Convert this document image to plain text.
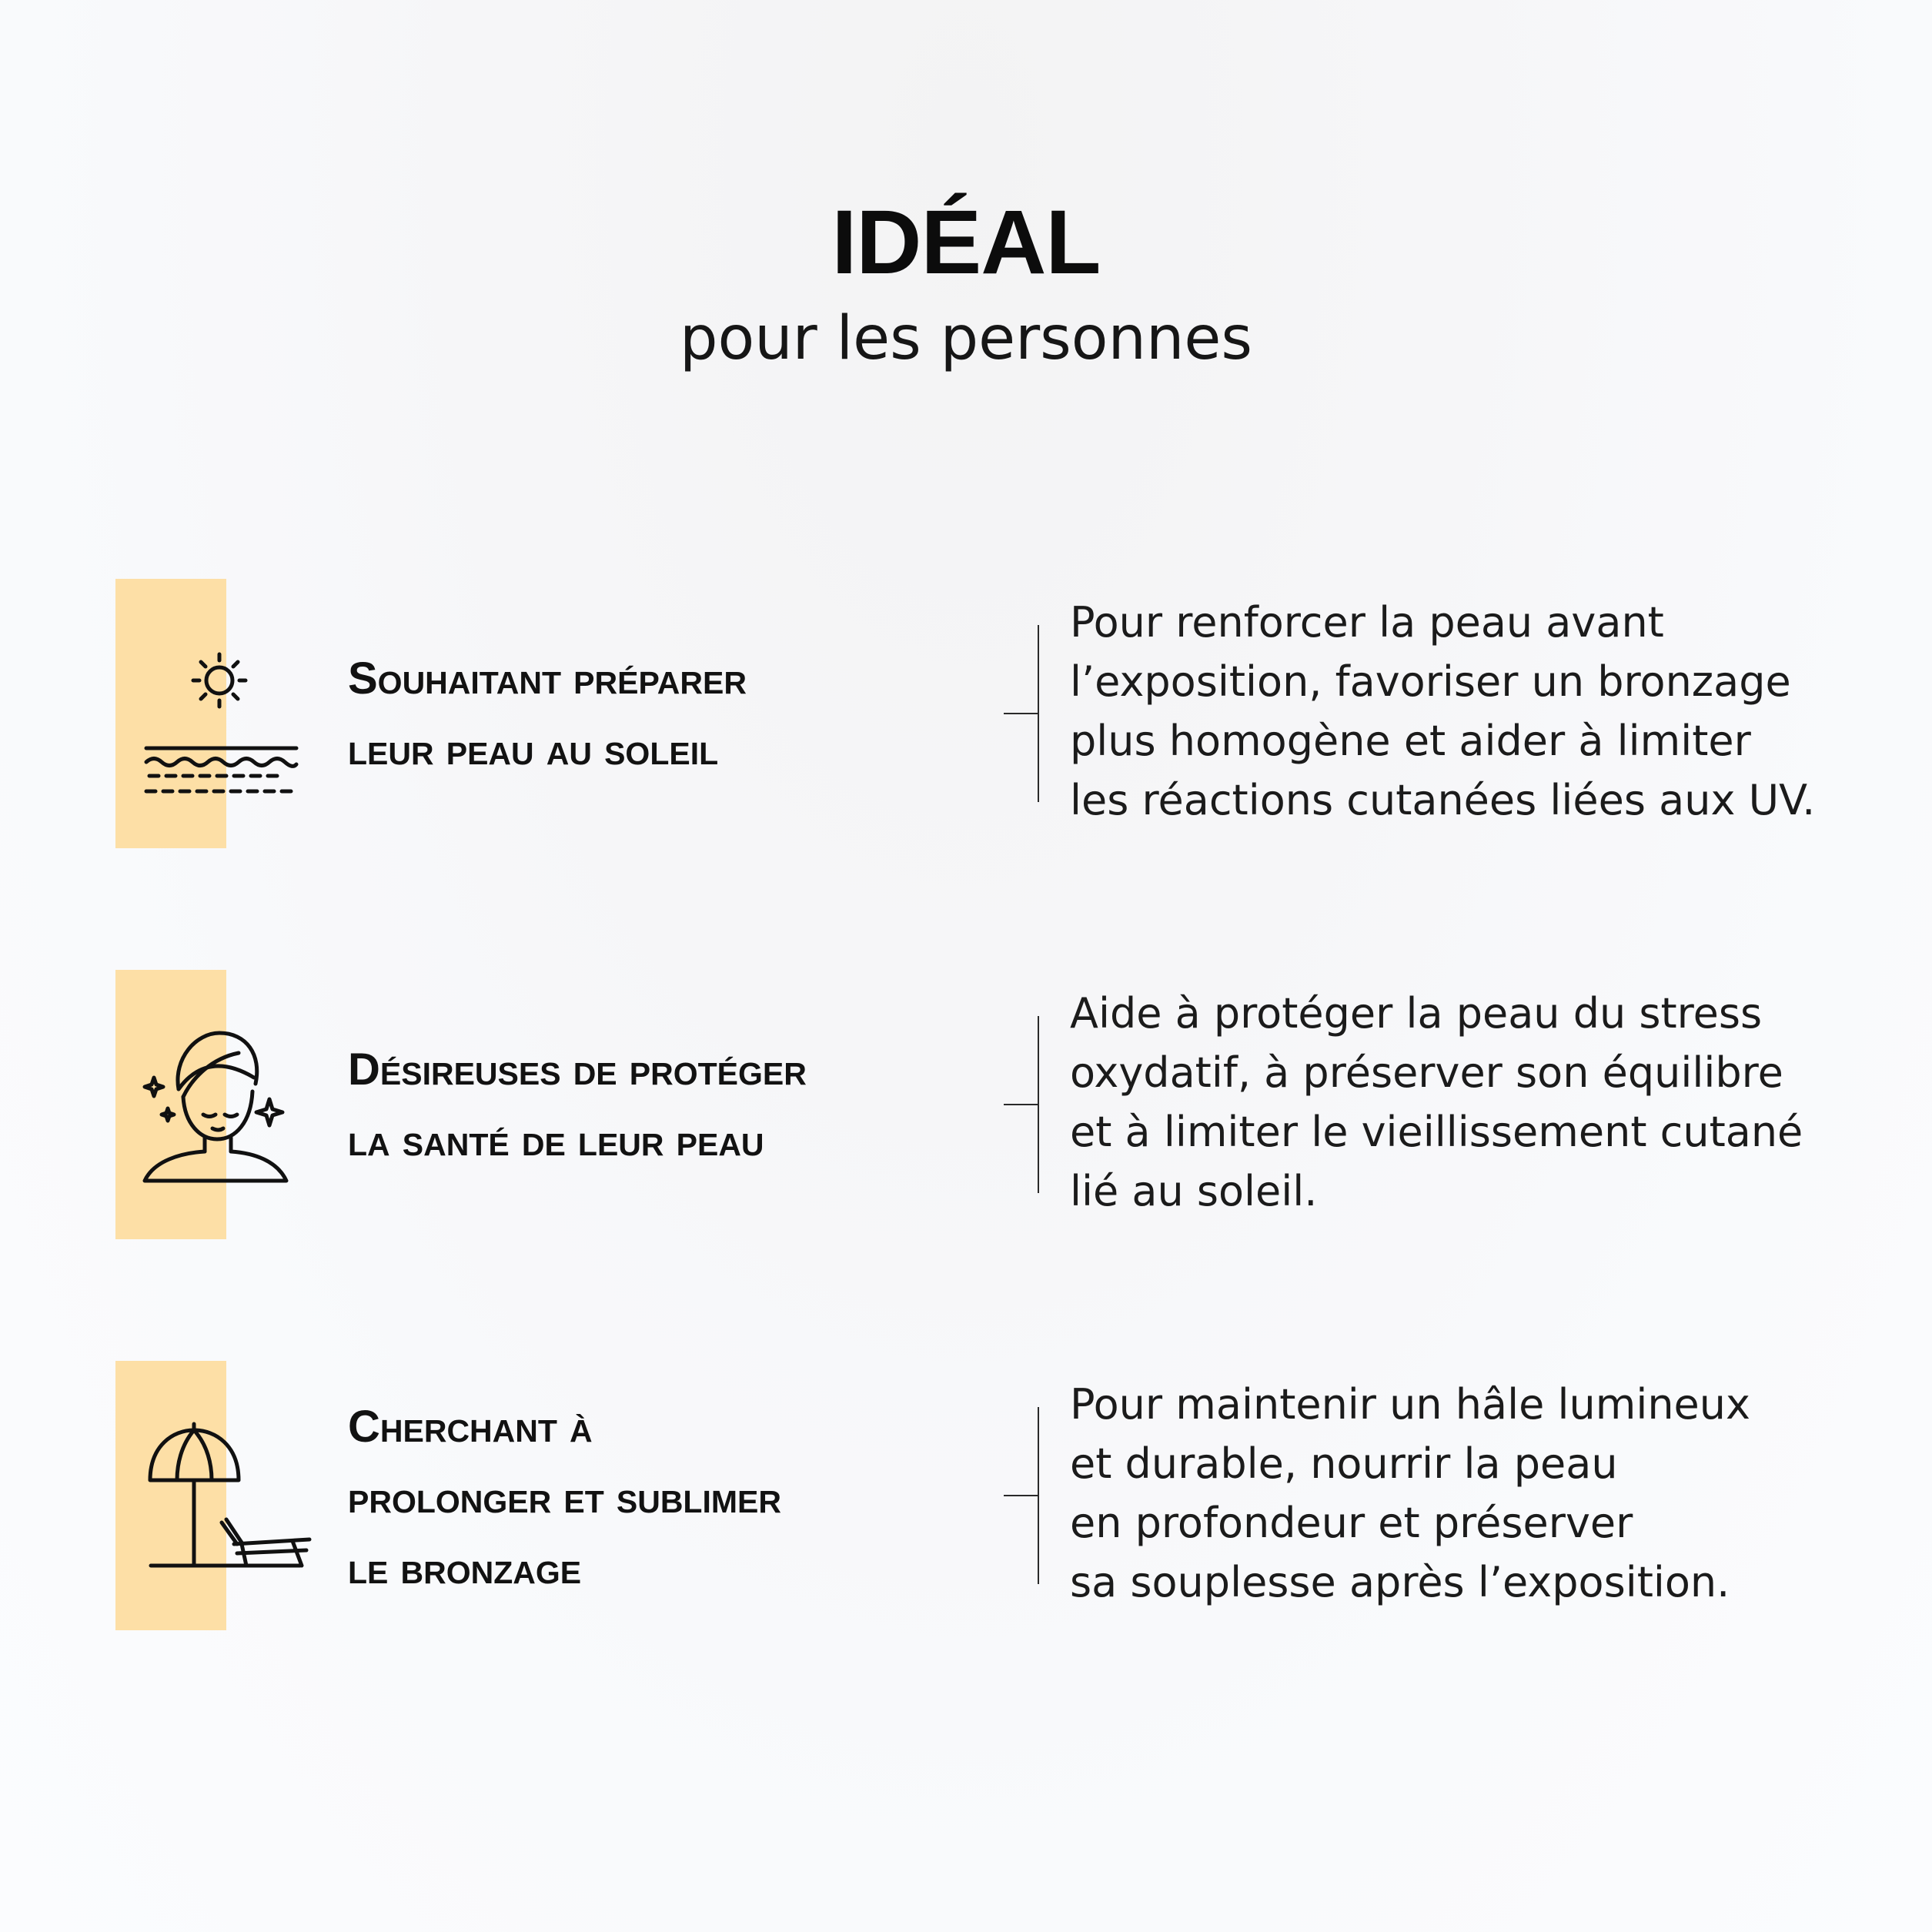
IDÉAL
pour les personnes
Souhaitant préparer
leur peau au soleil
Pour renforcer la peau avant
l’exposition, favoriser un bronzage
plus homogène et aider à limiter
les réactions cutanées liées aux UV.
Désireuses de protéger
la santé de leur peau
Aide à protéger la peau du stress
oxydatif, à préserver son équilibre
et à limiter le vieillissement cutané
lié au soleil.
Cherchant à
prolonger et sublimer
le bronzage
Pour maintenir un hâle lumineux
et durable, nourrir la peau
en profondeur et préserver
sa souplesse après l’exposition.
